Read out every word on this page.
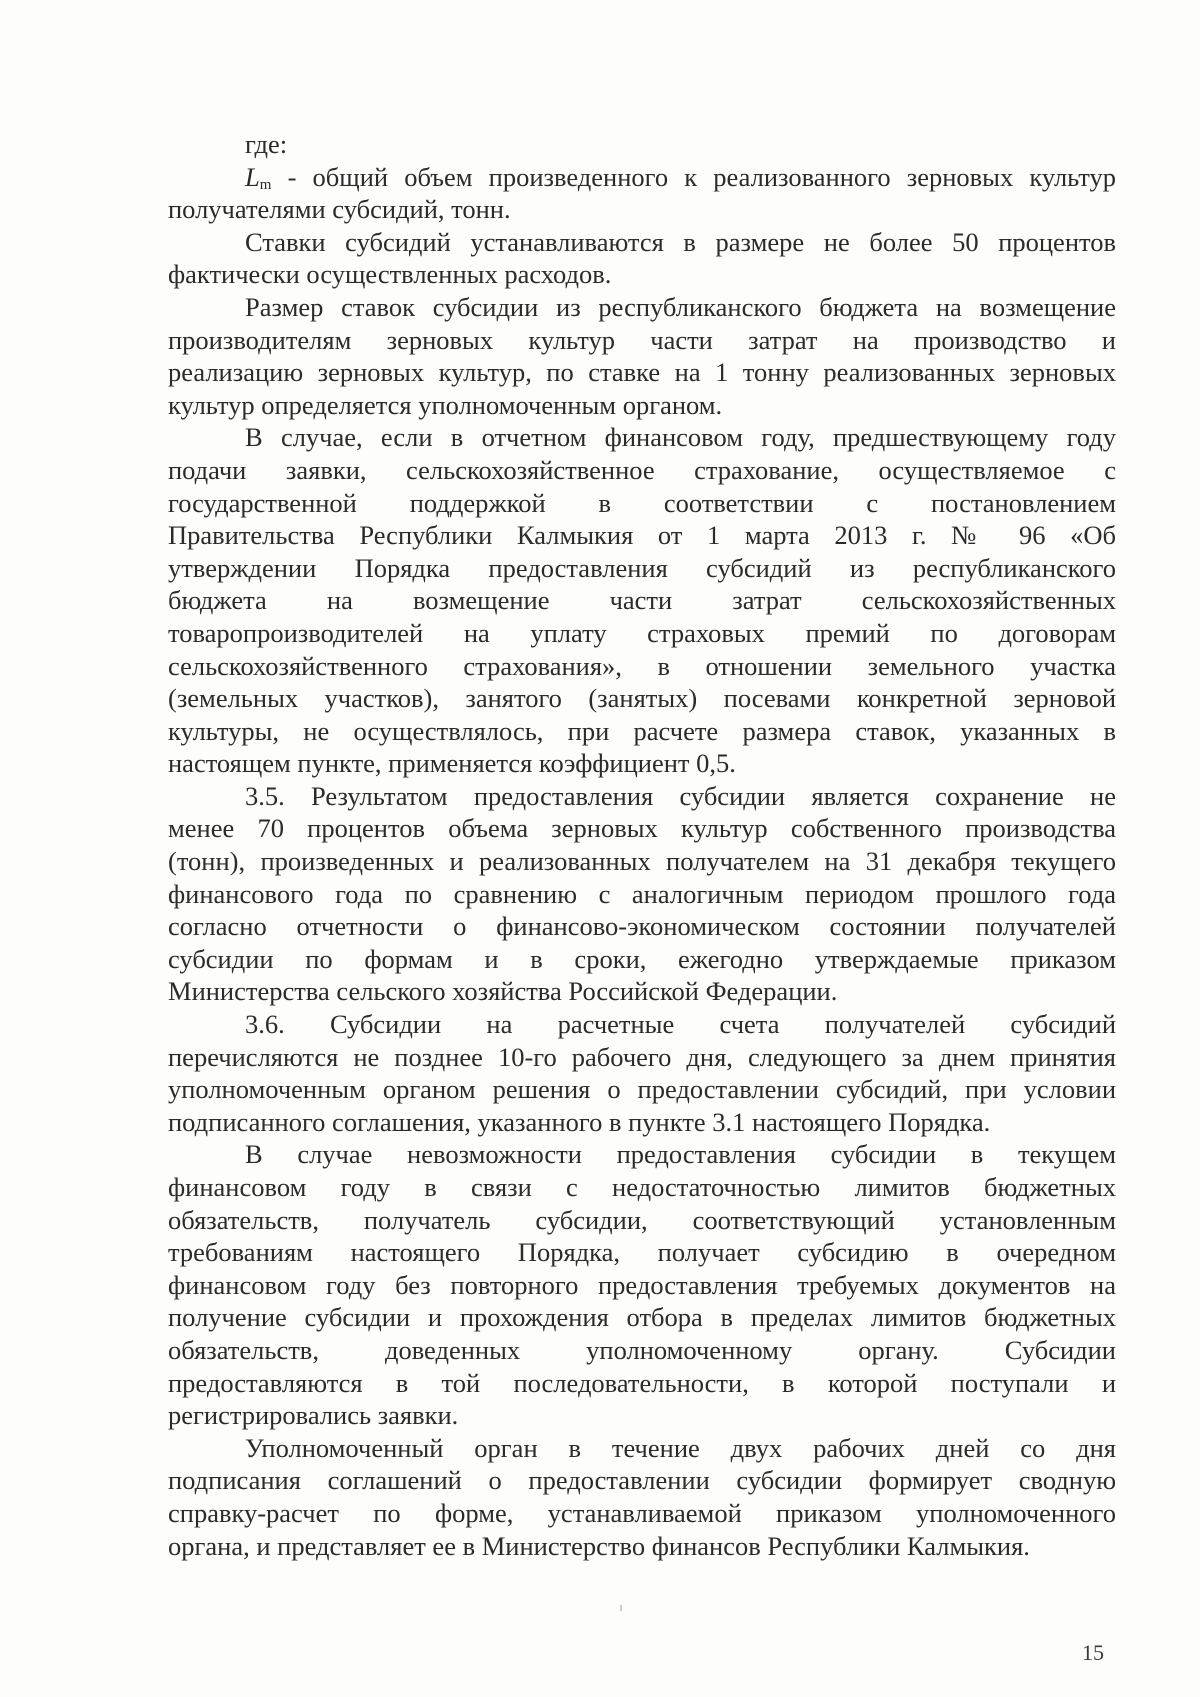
где:
Lm - общий объем произведенного к реализованного зерновых культур
получателями субсидий, тонн.
Ставки субсидий устанавливаются в размере не более 50 процентов
фактически осуществленных расходов.
Размер ставок субсидии из республиканского бюджета на возмещение
производителям зерновых культур части затрат на производство и
реализацию зерновых культур, по ставке на 1 тонну реализованных зерновых
культур определяется уполномоченным органом.
В случае, если в отчетном финансовом году, предшествующему году
подачи заявки, сельскохозяйственное страхование, осуществляемое с
государственной поддержкой в соответствии с постановлением
Правительства Республики Калмыкия от 1 марта 2013 г. № 96 «Об
утверждении Порядка предоставления субсидий из республиканского
бюджета на возмещение части затрат сельскохозяйственных
товаропроизводителей на уплату страховых премий по договорам
сельскохозяйственного страхования», в отношении земельного участка
(земельных участков), занятого (занятых) посевами конкретной зерновой
культуры, не осуществлялось, при расчете размера ставок, указанных в
настоящем пункте, применяется коэффициент 0,5.
3.5. Результатом предоставления субсидии является сохранение не
менее 70 процентов объема зерновых культур собственного производства
(тонн), произведенных и реализованных получателем на 31 декабря текущего
финансового года по сравнению с аналогичным периодом прошлого года
согласно отчетности о финансово-экономическом состоянии получателей
субсидии по формам и в сроки, ежегодно утверждаемые приказом
Министерства сельского хозяйства Российской Федерации.
3.6. Субсидии на расчетные счета получателей субсидий
перечисляются не позднее 10-го рабочего дня, следующего за днем принятия
уполномоченным органом решения о предоставлении субсидий, при условии
подписанного соглашения, указанного в пункте 3.1 настоящего Порядка.
В случае невозможности предоставления субсидии в текущем
финансовом году в связи с недостаточностью лимитов бюджетных
обязательств, получатель субсидии, соответствующий установленным
требованиям настоящего Порядка, получает субсидию в очередном
финансовом году без повторного предоставления требуемых документов на
получение субсидии и прохождения отбора в пределах лимитов бюджетных
обязательств, доведенных уполномоченному органу. Субсидии
предоставляются в той последовательности, в которой поступали и
регистрировались заявки.
Уполномоченный орган в течение двух рабочих дней со дня
подписания соглашений о предоставлении субсидии формирует сводную
справку-расчет по форме, устанавливаемой приказом уполномоченного
органа, и представляет ее в Министерство финансов Республики Калмыкия.
15
